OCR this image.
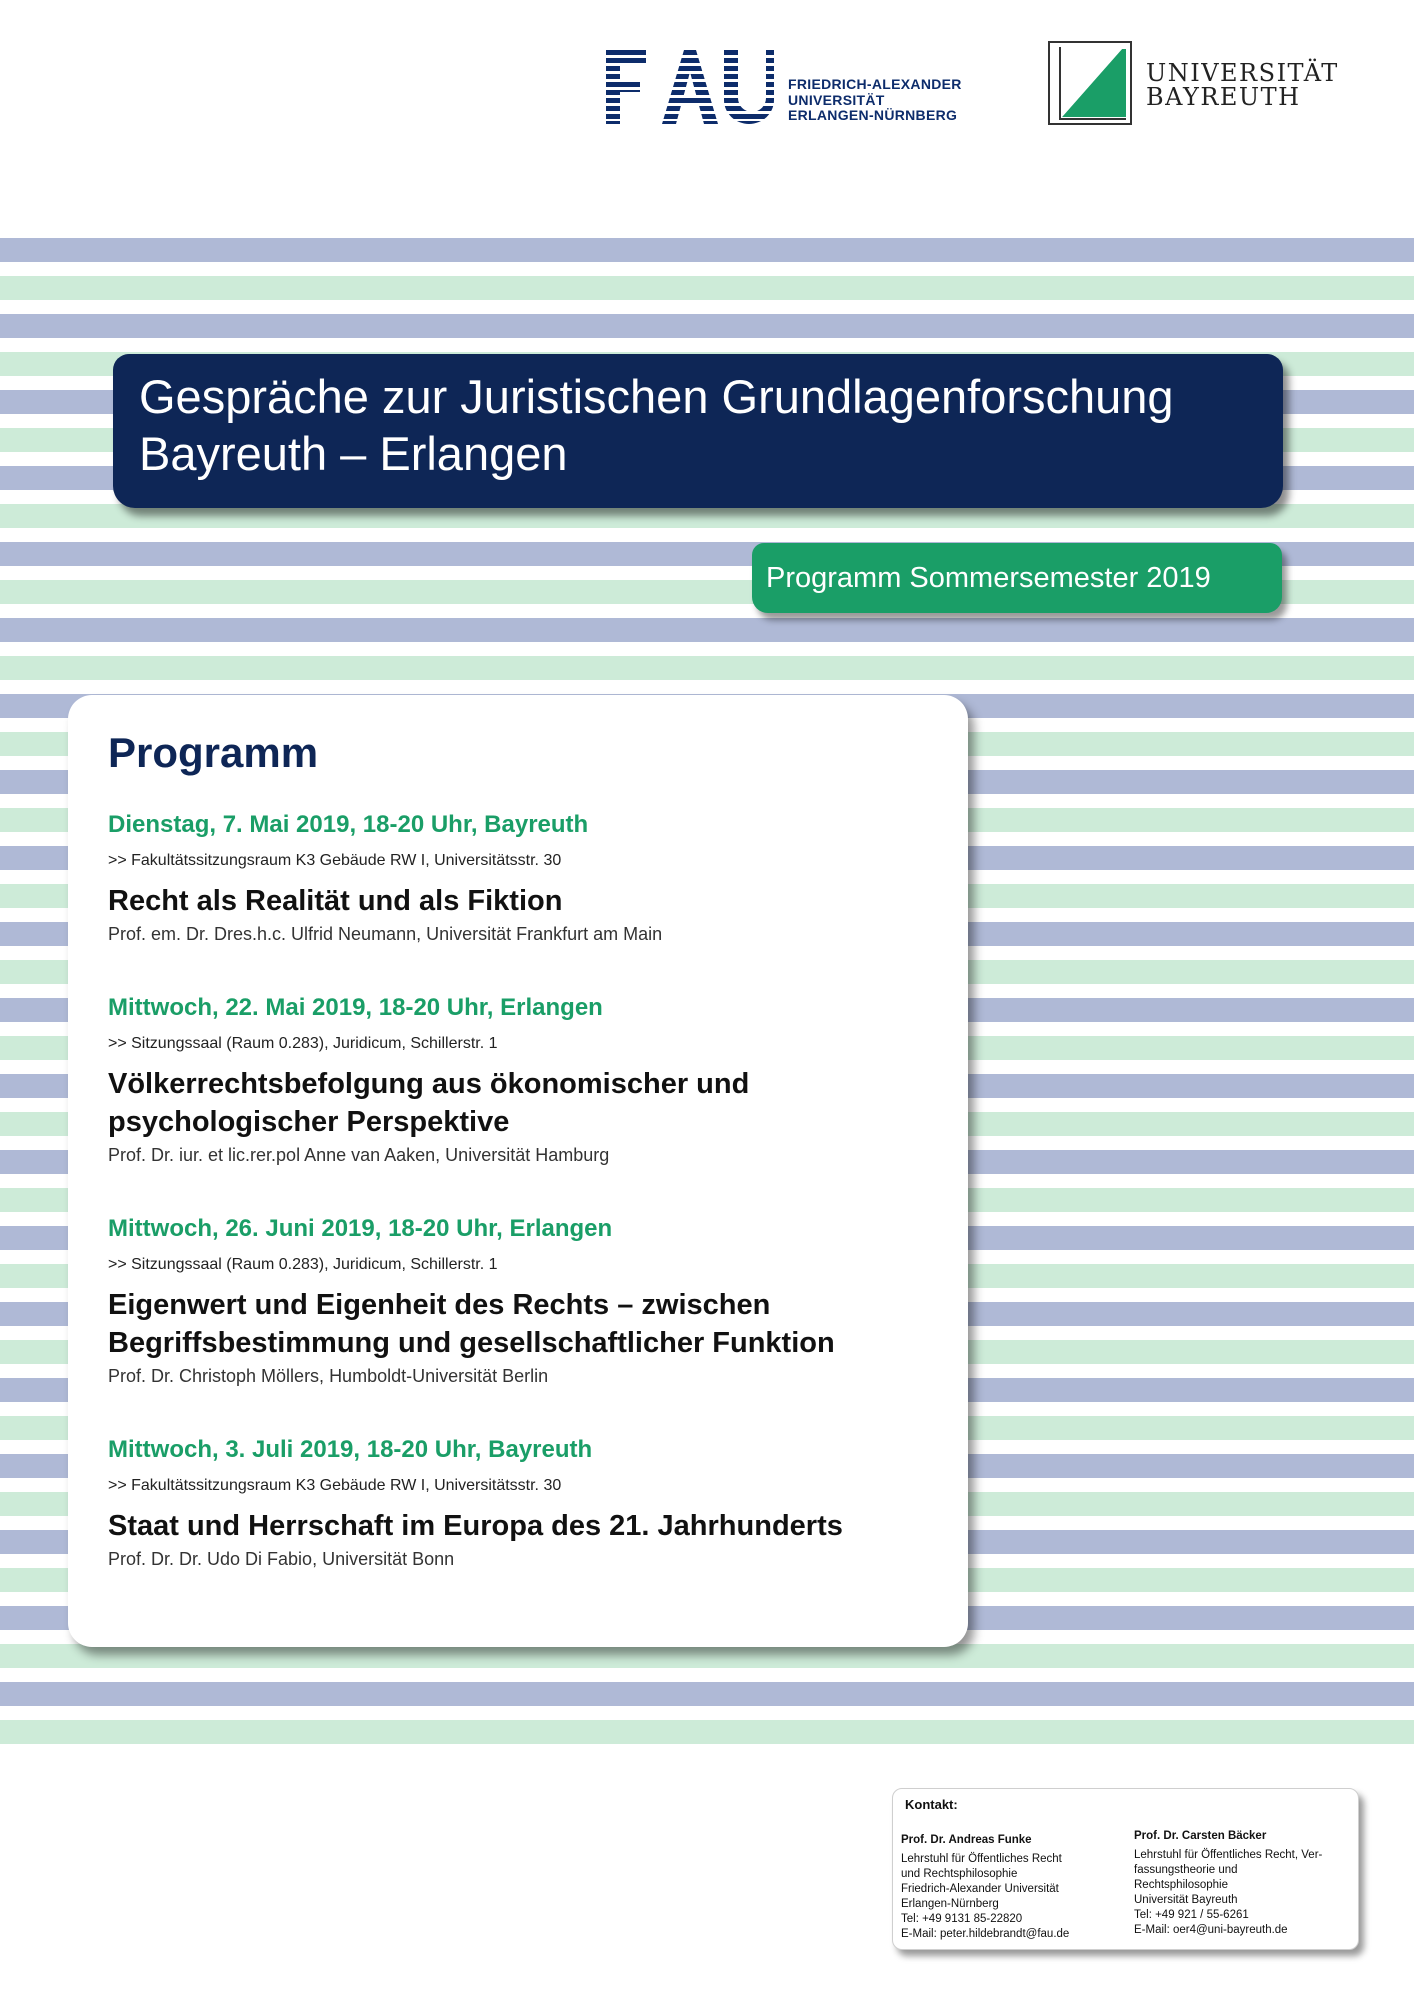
FRIEDRICH-ALEXANDER
UNIVERSITÄT
ERLANGEN-NÜRNBERG
UNIVERSITÄT
BAYREUTH
Gespräche zur Juristischen Grundlagenforschung
Bayreuth – Erlangen
Programm Sommersemester 2019
Programm

Dienstag, 7. Mai 2019, 18-20 Uhr, Bayreuth

>> Fakultätssitzungsraum K3 Gebäude RW I, Universitätsstr. 30

Recht als Realität und als Fiktion

Prof. em. Dr. Dres.h.c. Ulfrid Neumann, Universität Frankfurt am Main

Mittwoch, 22. Mai 2019, 18-20 Uhr, Erlangen

>> Sitzungssaal (Raum 0.283), Juridicum, Schillerstr. 1

Völkerrechtsbefolgung aus ökonomischer und psychologischer Perspektive

Prof. Dr. iur. et lic.rer.pol Anne van Aaken, Universität Hamburg

Mittwoch, 26. Juni 2019, 18-20 Uhr, Erlangen

>> Sitzungssaal (Raum 0.283), Juridicum, Schillerstr. 1

Eigenwert und Eigenheit des Rechts – zwischen Begriffsbestimmung und gesellschaftlicher Funktion

Prof. Dr. Christoph Möllers, Humboldt-Universität Berlin

Mittwoch, 3. Juli 2019, 18-20 Uhr, Bayreuth

>> Fakultätssitzungsraum K3 Gebäude RW I, Universitätsstr. 30

Staat und Herrschaft im Europa des 21. Jahrhunderts

Prof. Dr. Dr. Udo Di Fabio, Universität Bonn

Kontakt:
Prof. Dr. Andreas Funke
Lehrstuhl für Öffentliches Recht
und Rechtsphilosophie
Friedrich-Alexander Universität
Erlangen-Nürnberg
Tel: +49 9131 85-22820
E-Mail: peter.hildebrandt@fau.de
Prof. Dr. Carsten Bäcker
Lehrstuhl für Öffentliches Recht, Ver-
fassungstheorie und
Rechtsphilosophie
Universität Bayreuth
Tel: +49 921 / 55-6261
E-Mail: oer4@uni-bayreuth.de
